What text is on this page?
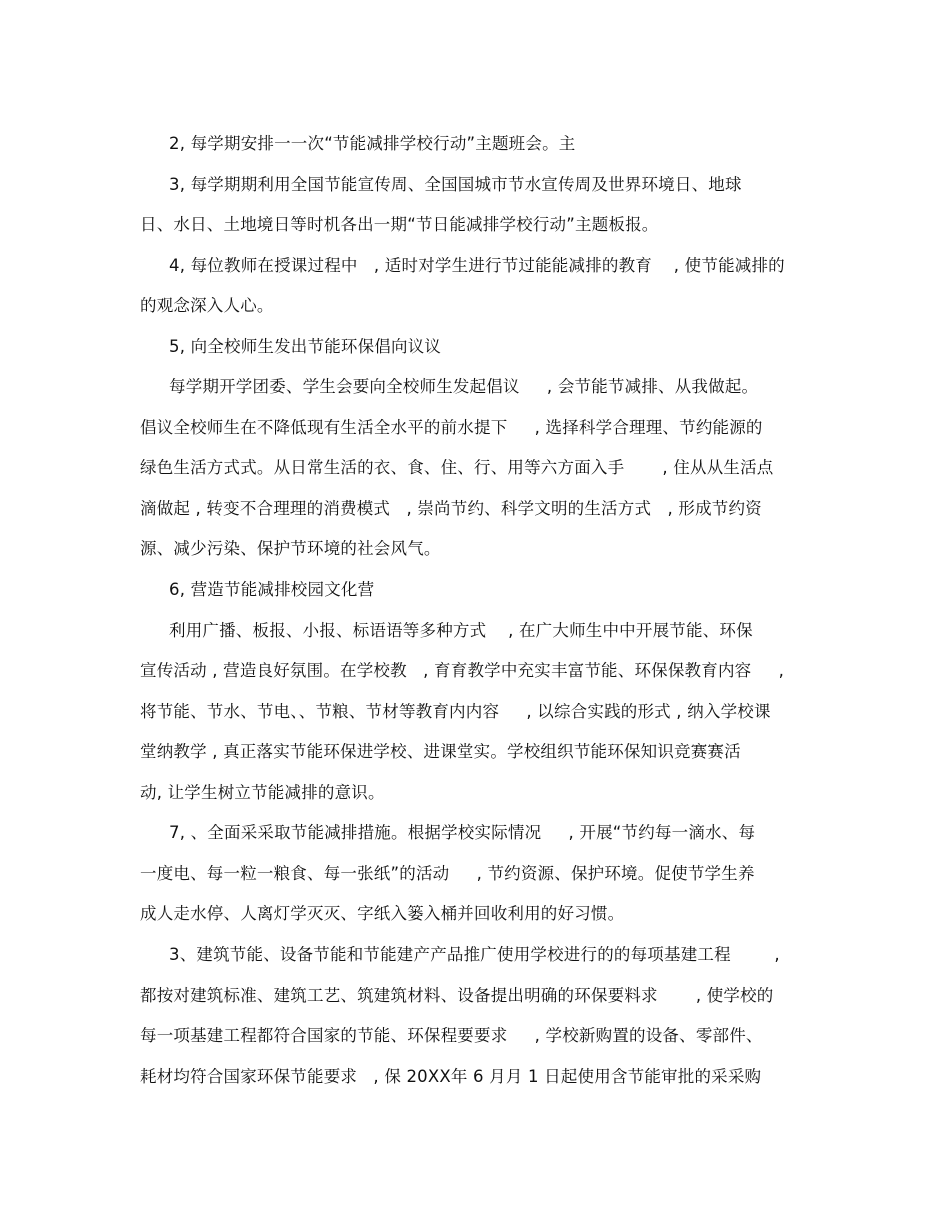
2, 每学期安排一一次“节能减排学校行动”主题班会。主
3, 每学期期利用全国节能宣传周、全国国城市节水宣传周及世界环境日、地球
日、水日、土地境日等时机各出一期“节日能减排学校行动”主题板报。
4, 每位教师在授课过程中   , 适时对学生进行节过能能减排的教育    , 使节能减排的
的观念深入人心。
5, 向全校师生发出节能环保倡向议议
每学期开学团委、学生会要向全校师生发起倡议     , 会节能节减排、从我做起。
倡议全校师生在不降低现有生活全水平的前水提下     , 选择科学合理理、节约能源的
绿色生活方式式。从日常生活的衣、食、住、行、用等六方面入手       , 住从从生活点
滴做起 , 转变不合理理的消费模式   , 崇尚节约、科学文明的生活方式   , 形成节约资
源、减少污染、保护节环境的社会风气。
6, 营造节能减排校园文化营
利用广播、板报、小报、标语语等多种方式    , 在广大师生中中开展节能、环保
宣传活动 , 营造良好氛围。在学校教   , 育育教学中充实丰富节能、环保保教育内容     ,
将节能、节水、节电、、节粮、节材等教育内内容     , 以综合实践的形式 , 纳入学校课
堂纳教学 , 真正落实节能环保进学校、进课堂实。学校组织节能环保知识竞赛赛活
动, 让学生树立节能减排的意识。
7, 、全面采采取节能减排措施。根据学校实际情况     , 开展“节约每一滴水、每
一度电、每一粒一粮食、每一张纸”的活动     , 节约资源、保护环境。促使节学生养
成人走水停、人离灯学灭灭、字纸入篓入桶并回收利用的好习惯。
3、建筑节能、设备节能和节能建产产品推广使用学校进行的的每项基建工程        ,
都按对建筑标准、建筑工艺、筑建筑材料、设备提出明确的环保要料求       , 使学校的
每一项基建工程都符合国家的节能、环保程要要求     , 学校新购置的设备、零部件、
耗材均符合国家环保节能要求   , 保 20XX年 6 月月 1 日起使用含节能审批的采采购
